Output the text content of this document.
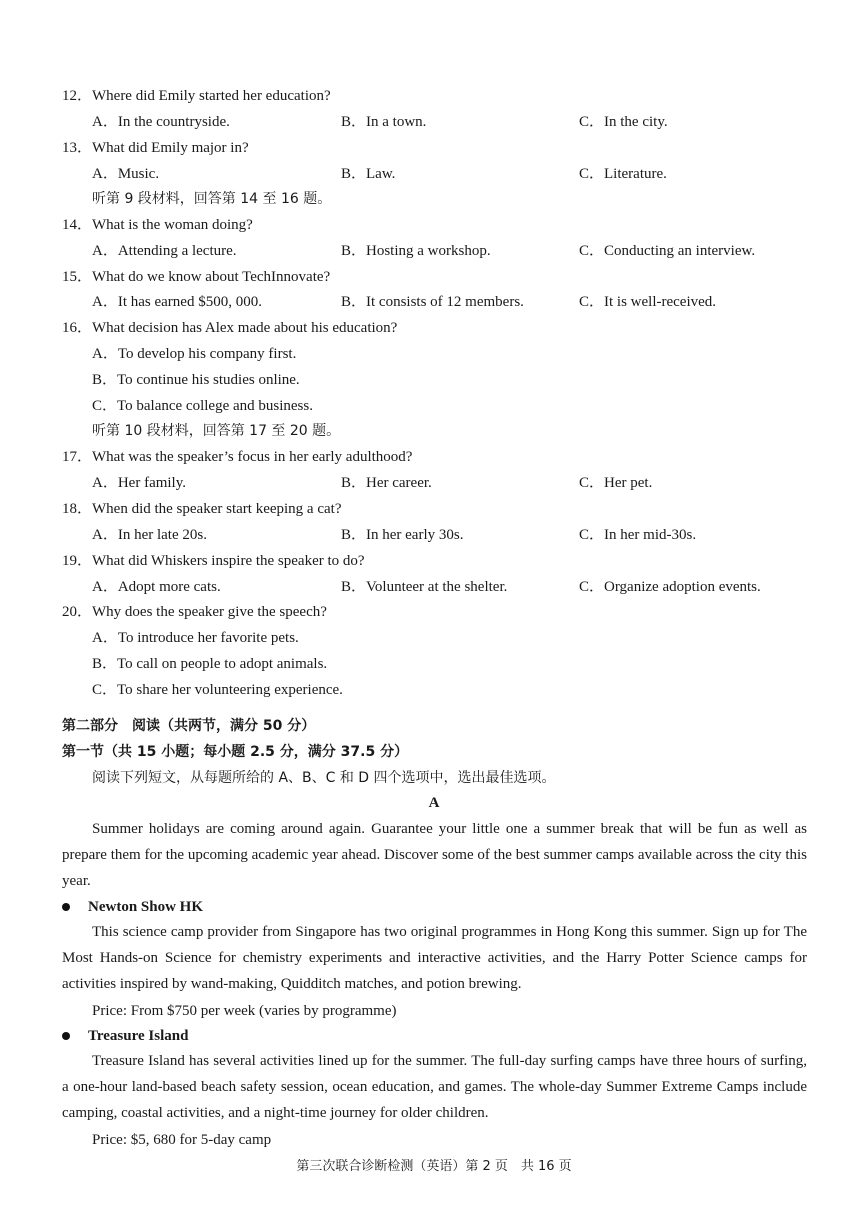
12．Where did Emily started her education?
A．In the countryside.	B．In a town.	C．In the city.
13．What did Emily major in?
A．Music.	B．Law.	C．Literature.
听第 9 段材料，回答第 14 至 16 题。
14．What is the woman doing?
A．Attending a lecture.	B．Hosting a workshop.	C．Conducting an interview.
15．What do we know about TechInnovate?
A．It has earned $500, 000.	B．It consists of 12 members.	C．It is well-received.
16．What decision has Alex made about his education?
A．To develop his company first.
B．To continue his studies online.
C．To balance college and business.
听第 10 段材料，回答第 17 至 20 题。
17．What was the speaker’s focus in her early adulthood?
A．Her family.	B．Her career.	C．Her pet.
18．When did the speaker start keeping a cat?
A．In her late 20s.	B．In her early 30s.	C．In her mid-30s.
19．What did Whiskers inspire the speaker to do?
A．Adopt more cats.	B．Volunteer at the shelter.	C．Organize adoption events.
20．Why does the speaker give the speech?
A．To introduce her favorite pets.
B．To call on people to adopt animals.
C．To share her volunteering experience.
第二部分　阅读（共两节，满分 50 分）
第一节（共 15 小题；每小题 2.5 分，满分 37.5 分）
阅读下列短文，从每题所给的 A、B、C 和 D 四个选项中，选出最佳选项。
A
Summer holidays are coming around again. Guarantee your little one a summer break that will be fun as well as prepare them for the upcoming academic year ahead. Discover some of the best summer camps available across the city this year.
Newton Show HK
This science camp provider from Singapore has two original programmes in Hong Kong this summer. Sign up for The Most Hands-on Science for chemistry experiments and interactive activities, and the Harry Potter Science camps for activities inspired by wand-making, Quidditch matches, and potion brewing.
Price: From $750 per week (varies by programme)
Treasure Island
Treasure Island has several activities lined up for the summer. The full-day surfing camps have three hours of surfing, a one-hour land-based beach safety session, ocean education, and games. The whole-day Summer Extreme Camps include camping, coastal activities, and a night-time journey for older children.
Price: $5, 680 for 5-day camp
第三次联合诊断检测（英语）第 2 页　共 16 页
